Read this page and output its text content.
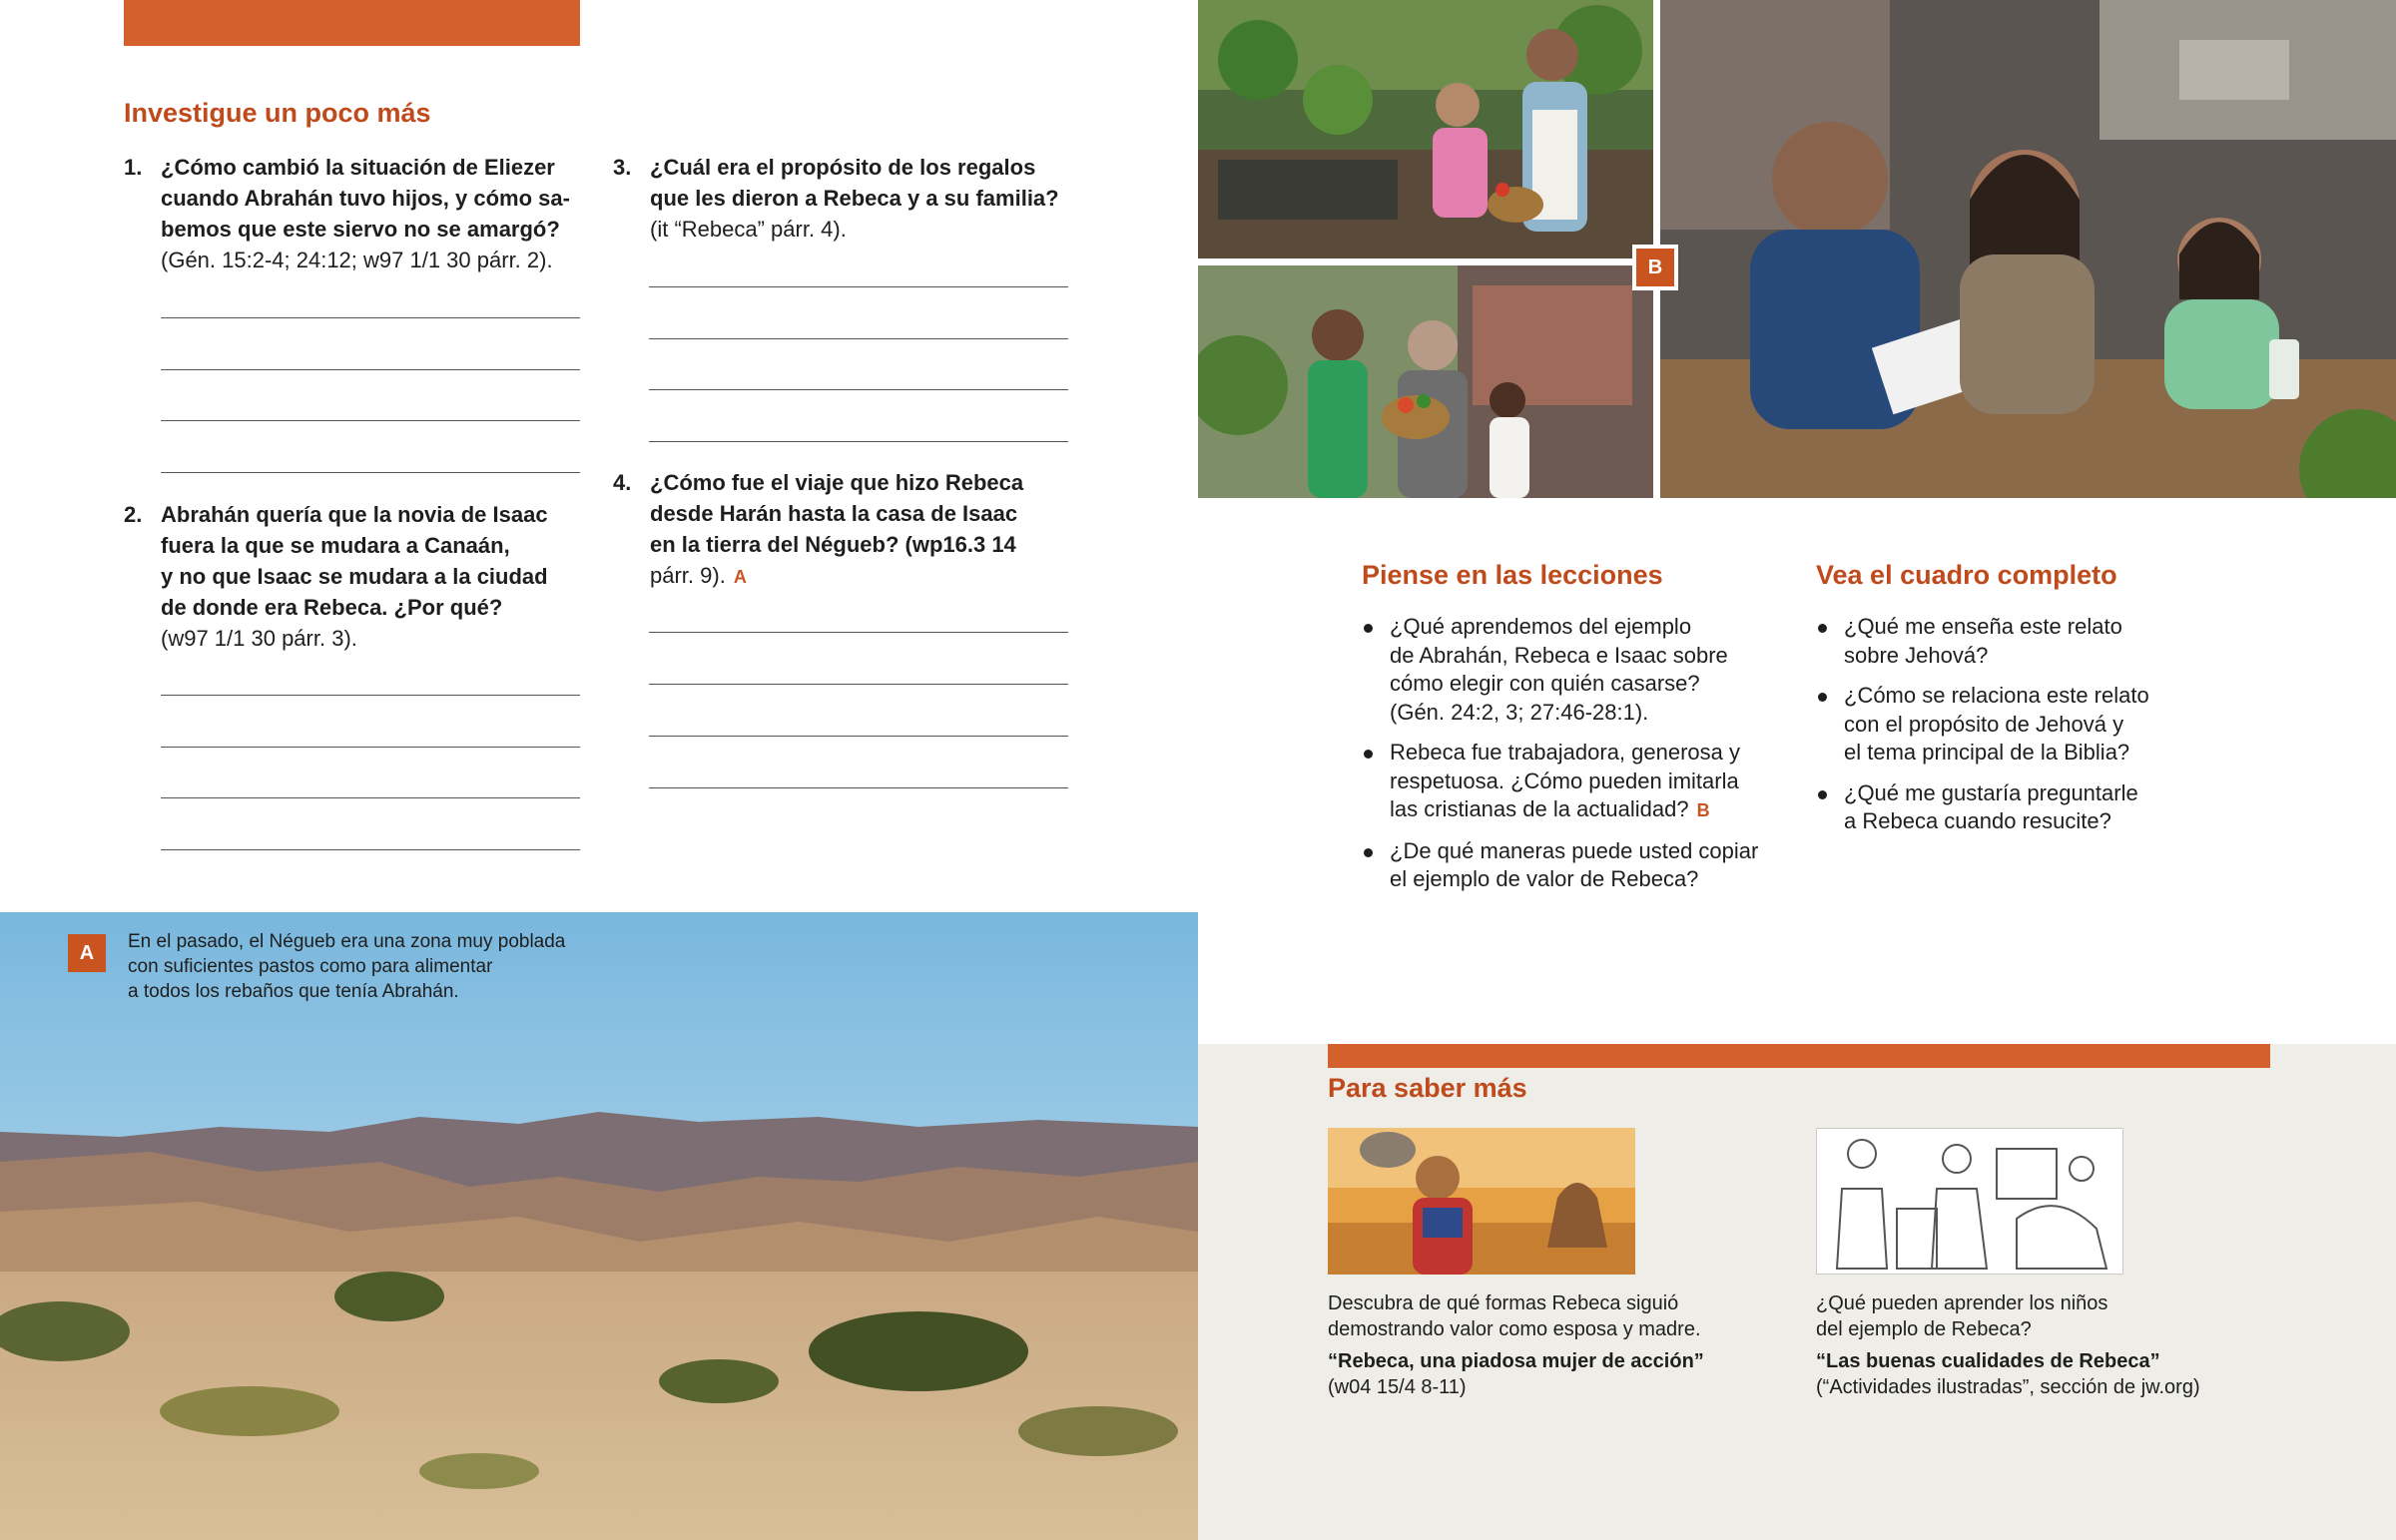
Investigue un poco más
1. ¿Cómo cambió la situación de Eliezer
cuando Abrahán tuvo hijos, y cómo sa-
bemos que este siervo no se amargó?
(Gén. 15:2-4; 24:12; w97 1/1 30 párr. 2).
2. Abrahán quería que la novia de Isaac
fuera la que se mudara a Canaán,
y no que Isaac se mudara a la ciudad
de donde era Rebeca. ¿Por qué?
(w97 1/1 30 párr. 3).
3. ¿Cuál era el propósito de los regalos
que les dieron a Rebeca y a su familia?
(it “Rebeca” párr. 4).
4. ¿Cómo fue el viaje que hizo Rebeca
desde Harán hasta la casa de Isaac
en la tierra del Négueb? (wp16.3 14
párr. 9). A
B
Piense en las lecciones
¿Qué aprendemos del ejemplo
de Abrahán, Rebeca e Isaac sobre
cómo elegir con quién casarse?
(Gén. 24:2, 3; 27:46-28:1).
Rebeca fue trabajadora, generosa y
respetuosa. ¿Cómo pueden imitarla
las cristianas de la actualidad? B
¿De qué maneras puede usted copiar
el ejemplo de valor de Rebeca?
Vea el cuadro completo
¿Qué me enseña este relato
sobre Jehová?
¿Cómo se relaciona este relato
con el propósito de Jehová y
el tema principal de la Biblia?
¿Qué me gustaría preguntarle
a Rebeca cuando resucite?
A	En el pasado, el Négueb era una zona muy poblada
con suficientes pastos como para alimentar
a todos los rebaños que tenía Abrahán.
Para saber más
Descubra de qué formas Rebeca siguió
demostrando valor como esposa y madre.
“Rebeca, una piadosa mujer de acción”
(w04 15/4 8-11)
¿Qué pueden aprender los niños
del ejemplo de Rebeca?
“Las buenas cualidades de Rebeca”
(“Actividades ilustradas”, sección de jw.org)
